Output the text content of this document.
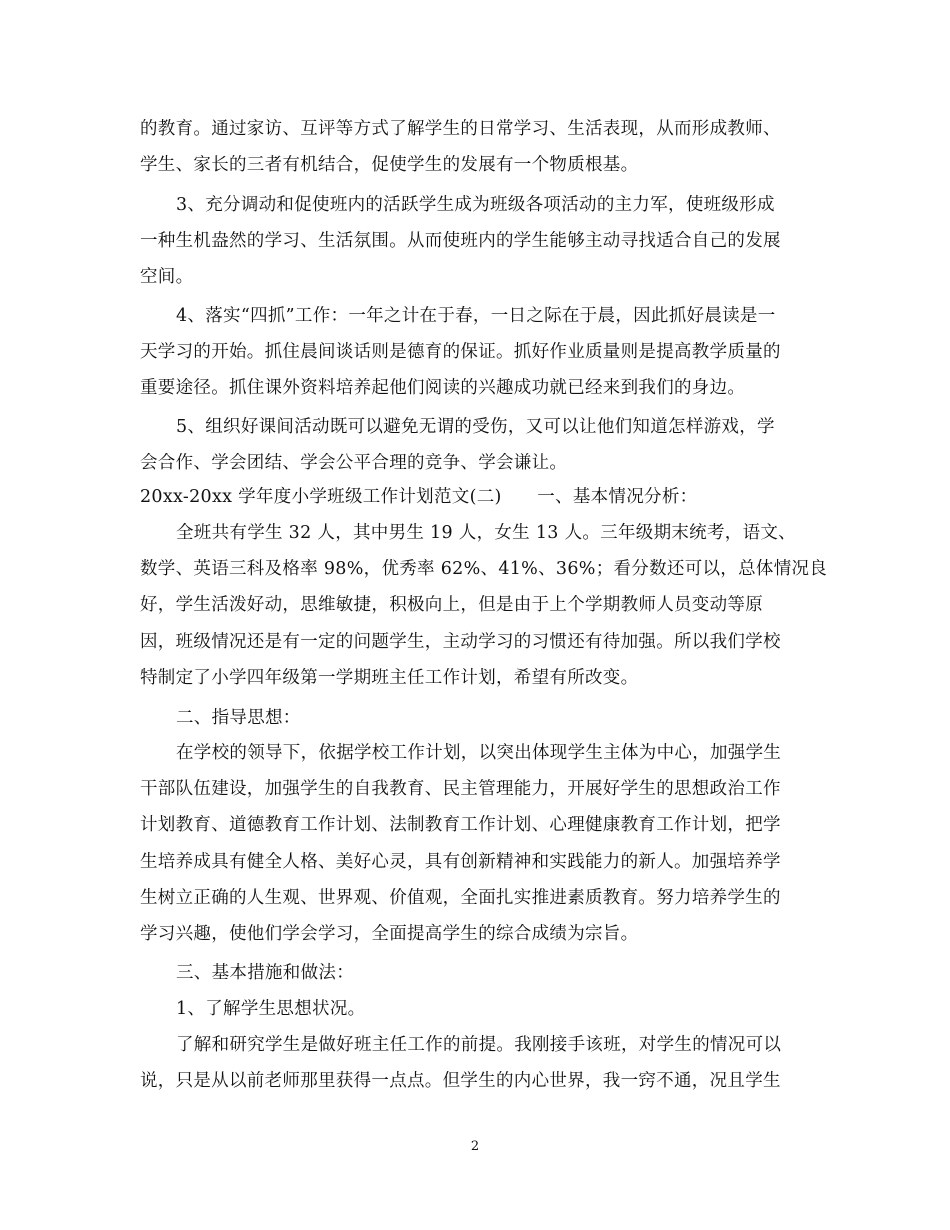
的教育。通过家访、互评等方式了解学生的日常学习、生活表现，从而形成教师、
学生、家长的三者有机结合，促使学生的发展有一个物质根基。
3、充分调动和促使班内的活跃学生成为班级各项活动的主力军，使班级形成
一种生机盎然的学习、生活氛围。从而使班内的学生能够主动寻找适合自己的发展
空间。
4、落实“四抓”工作：一年之计在于春，一日之际在于晨，因此抓好晨读是一
天学习的开始。抓住晨间谈话则是德育的保证。抓好作业质量则是提高教学质量的
重要途径。抓住课外资料培养起他们阅读的兴趣成功就已经来到我们的身边。
5、组织好课间活动既可以避免无谓的受伤，又可以让他们知道怎样游戏，学
会合作、学会团结、学会公平合理的竞争、学会谦让。
20xx-20xx 学年度小学班级工作计划范文(二)　　一、基本情况分析：
全班共有学生 32 人，其中男生 19 人，女生 13 人。三年级期末统考，语文、
数学、英语三科及格率 98%，优秀率 62%、41%、36%；看分数还可以，总体情况良
好，学生活泼好动，思维敏捷，积极向上，但是由于上个学期教师人员变动等原
因，班级情况还是有一定的问题学生，主动学习的习惯还有待加强。所以我们学校
特制定了小学四年级第一学期班主任工作计划，希望有所改变。
二、指导思想：
在学校的领导下，依据学校工作计划，以突出体现学生主体为中心，加强学生
干部队伍建设，加强学生的自我教育、民主管理能力，开展好学生的思想政治工作
计划教育、道德教育工作计划、法制教育工作计划、心理健康教育工作计划，把学
生培养成具有健全人格、美好心灵，具有创新精神和实践能力的新人。加强培养学
生树立正确的人生观、世界观、价值观，全面扎实推进素质教育。努力培养学生的
学习兴趣，使他们学会学习，全面提高学生的综合成绩为宗旨。
三、基本措施和做法：
1、了解学生思想状况。
了解和研究学生是做好班主任工作的前提。我刚接手该班，对学生的情况可以
说，只是从以前老师那里获得一点点。但学生的内心世界，我一窍不通，况且学生
2
